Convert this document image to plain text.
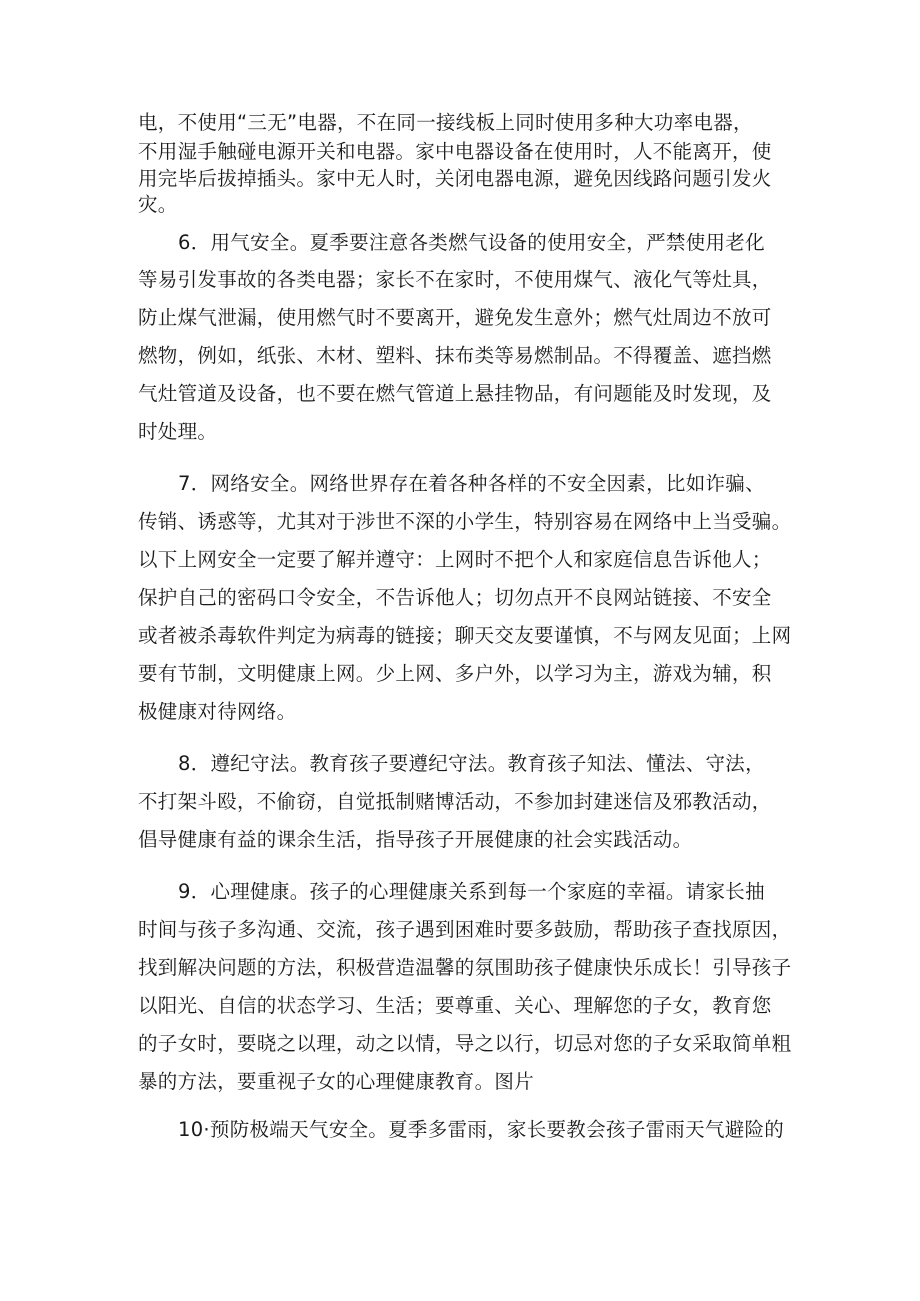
电，不使用“三无”电器，不在同一接线板上同时使用多种大功率电器，
不用湿手触碰电源开关和电器。家中电器设备在使用时，人不能离开，使
用完毕后拔掉插头。家中无人时，关闭电器电源，避免因线路问题引发火
灾。
6．用气安全。夏季要注意各类燃气设备的使用安全，严禁使用老化
等易引发事故的各类电器；家长不在家时，不使用煤气、液化气等灶具，
防止煤气泄漏，使用燃气时不要离开，避免发生意外；燃气灶周边不放可
燃物，例如，纸张、木材、塑料、抹布类等易燃制品。不得覆盖、遮挡燃
气灶管道及设备，也不要在燃气管道上悬挂物品，有问题能及时发现，及
时处理。
7．网络安全。网络世界存在着各种各样的不安全因素，比如诈骗、
传销、诱惑等，尤其对于涉世不深的小学生，特别容易在网络中上当受骗。
以下上网安全一定要了解并遵守：上网时不把个人和家庭信息告诉他人；
保护自己的密码口令安全，不告诉他人；切勿点开不良网站链接、不安全
或者被杀毒软件判定为病毒的链接；聊天交友要谨慎，不与网友见面；上网
要有节制，文明健康上网。少上网、多户外，以学习为主，游戏为辅，积
极健康对待网络。
8．遵纪守法。教育孩子要遵纪守法。教育孩子知法、懂法、守法，
不打架斗殴，不偷窃，自觉抵制赌博活动，不参加封建迷信及邪教活动，
倡导健康有益的课余生活，指导孩子开展健康的社会实践活动。
9．心理健康。孩子的心理健康关系到每一个家庭的幸福。请家长抽
时间与孩子多沟通、交流，孩子遇到困难时要多鼓励，帮助孩子查找原因，
找到解决问题的方法，积极营造温馨的氛围助孩子健康快乐成长！引导孩子
以阳光、自信的状态学习、生活；要尊重、关心、理解您的子女，教育您
的子女时，要晓之以理，动之以情，导之以行，切忌对您的子女采取简单粗
暴的方法，要重视子女的心理健康教育。图片
10·预防极端天气安全。夏季多雷雨，家长要教会孩子雷雨天气避险的
